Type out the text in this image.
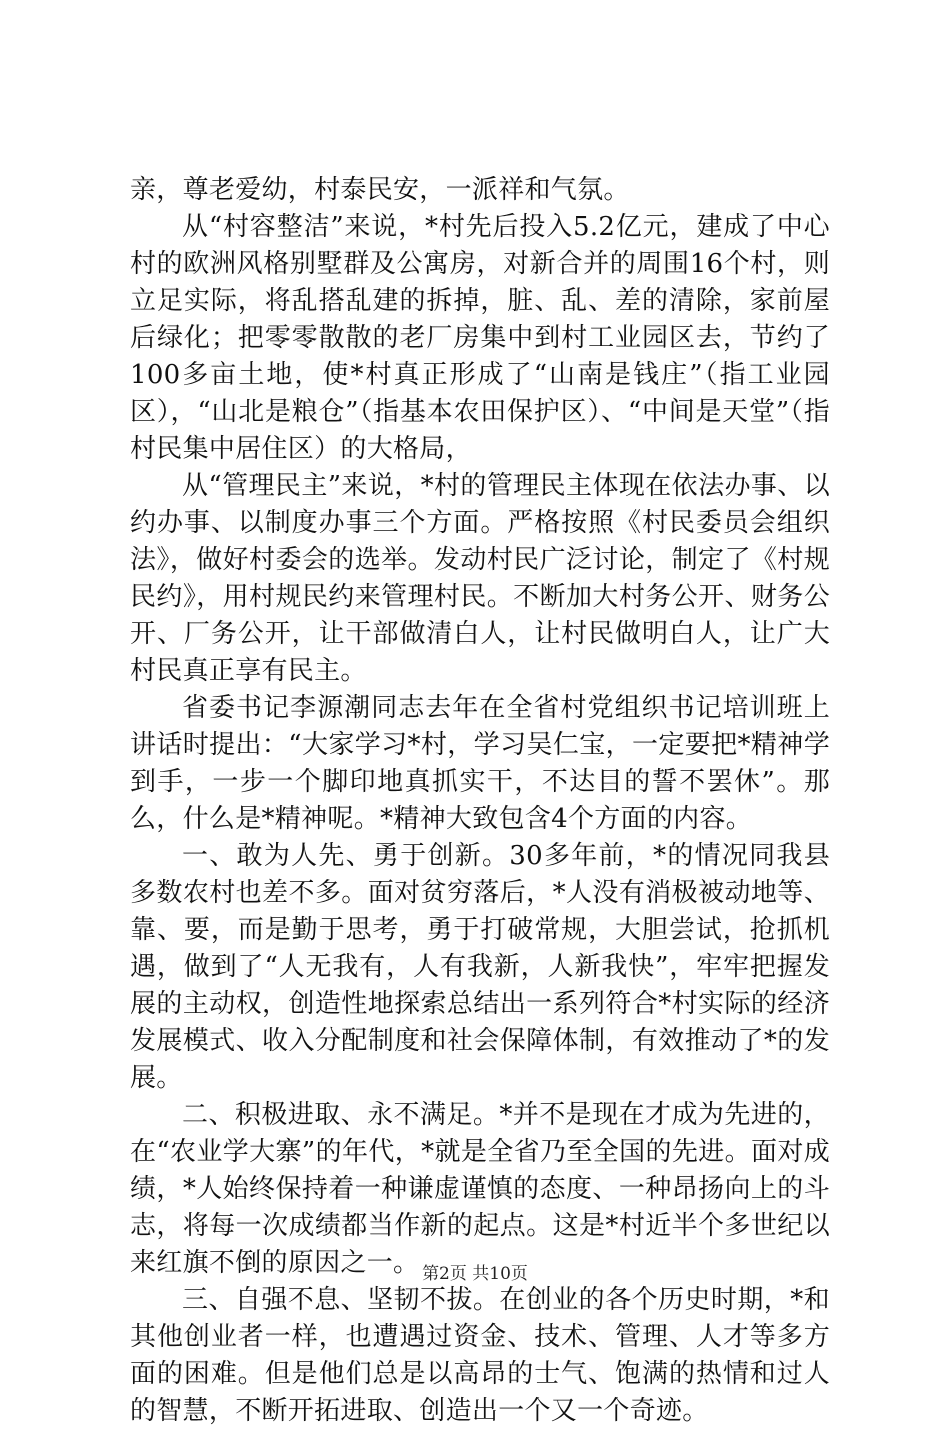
亲，尊老爱幼，村泰民安，一派祥和气氛。

从“村容整洁”来说，*村先后投入5.2亿元，建成了中心村的欧洲风格别墅群及公寓房，对新合并的周围16个村，则立足实际，将乱搭乱建的拆掉，脏、乱、差的清除，家前屋后绿化；把零零散散的老厂房集中到村工业园区去，节约了100多亩土地，使*村真正形成了“山南是钱庄”（指工业园区），“山北是粮仓”（指基本农田保护区）、“中间是天堂”（指村民集中居住区）的大格局，

从“管理民主”来说，*村的管理民主体现在依法办事、以约办事、以制度办事三个方面。严格按照《村民委员会组织法》，做好村委会的选举。发动村民广泛讨论，制定了《村规民约》，用村规民约来管理村民。不断加大村务公开、财务公开、厂务公开，让干部做清白人，让村民做明白人，让广大村民真正享有民主。

省委书记李源潮同志去年在全省村党组织书记培训班上讲话时提出：“大家学习*村，学习吴仁宝，一定要把*精神学到手，一步一个脚印地真抓实干，不达目的誓不罢休”。那么，什么是*精神呢。*精神大致包含4个方面的内容。

一、敢为人先、勇于创新。30多年前，*的情况同我县多数农村也差不多。面对贫穷落后，*人没有消极被动地等、靠、要，而是勤于思考，勇于打破常规，大胆尝试，抢抓机遇，做到了“人无我有，人有我新，人新我快”，牢牢把握发展的主动权，创造性地探索总结出一系列符合*村实际的经济发展模式、收入分配制度和社会保障体制，有效推动了*的发展。

二、积极进取、永不满足。*并不是现在才成为先进的，在“农业学大寨”的年代，*就是全省乃至全国的先进。面对成绩，*人始终保持着一种谦虚谨慎的态度、一种昂扬向上的斗志，将每一次成绩都当作新的起点。这是*村近半个多世纪以来红旗不倒的原因之一。

三、自强不息、坚韧不拔。在创业的各个历史时期，*和其他创业者一样，也遭遇过资金、技术、管理、人才等多方面的困难。但是他们总是以高昂的士气、饱满的热情和过人的智慧，不断开拓进取、创造出一个又一个奇迹。

第2页 共10页
